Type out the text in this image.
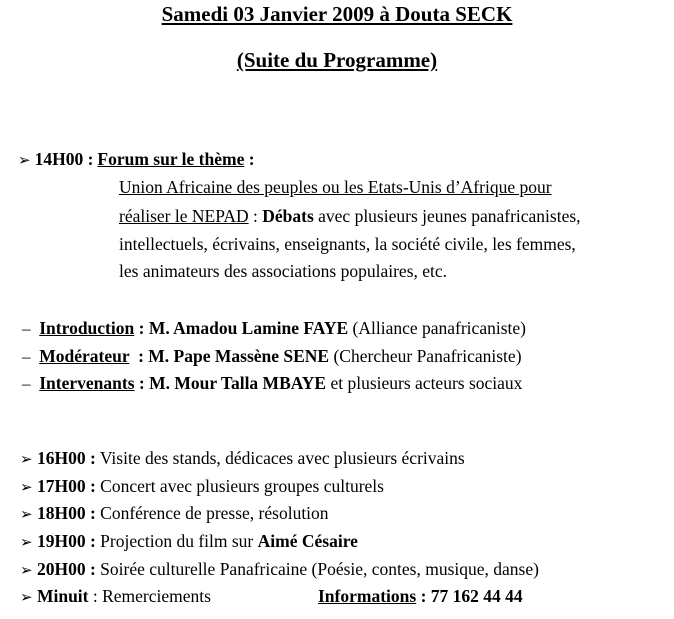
Samedi 03 Janvier 2009 à Douta SECK
(Suite du Programme)
➢ 14H00 : Forum sur le thème :
Union Africaine des peuples ou les Etats-Unis d’Afrique pour
réaliser le NEPAD : Débats avec plusieurs jeunes panafricanistes,
intellectuels, écrivains, enseignants, la société civile, les femmes,
les animateurs des associations populaires, etc.
– Introduction : M. Amadou Lamine FAYE (Alliance panafricaniste)
– Modérateur  : M. Pape Massène SENE (Chercheur Panafricaniste)
– Intervenants : M. Mour Talla MBAYE et plusieurs acteurs sociaux
➢ 16H00 : Visite des stands, dédicaces avec plusieurs écrivains
➢ 17H00 : Concert avec plusieurs groupes culturels
➢ 18H00 : Conférence de presse, résolution
➢ 19H00 : Projection du film sur Aimé Césaire
➢ 20H00 : Soirée culturelle Panafricaine (Poésie, contes, musique, danse)
➢ Minuit : Remerciements	Informations : 77 162 44 44
